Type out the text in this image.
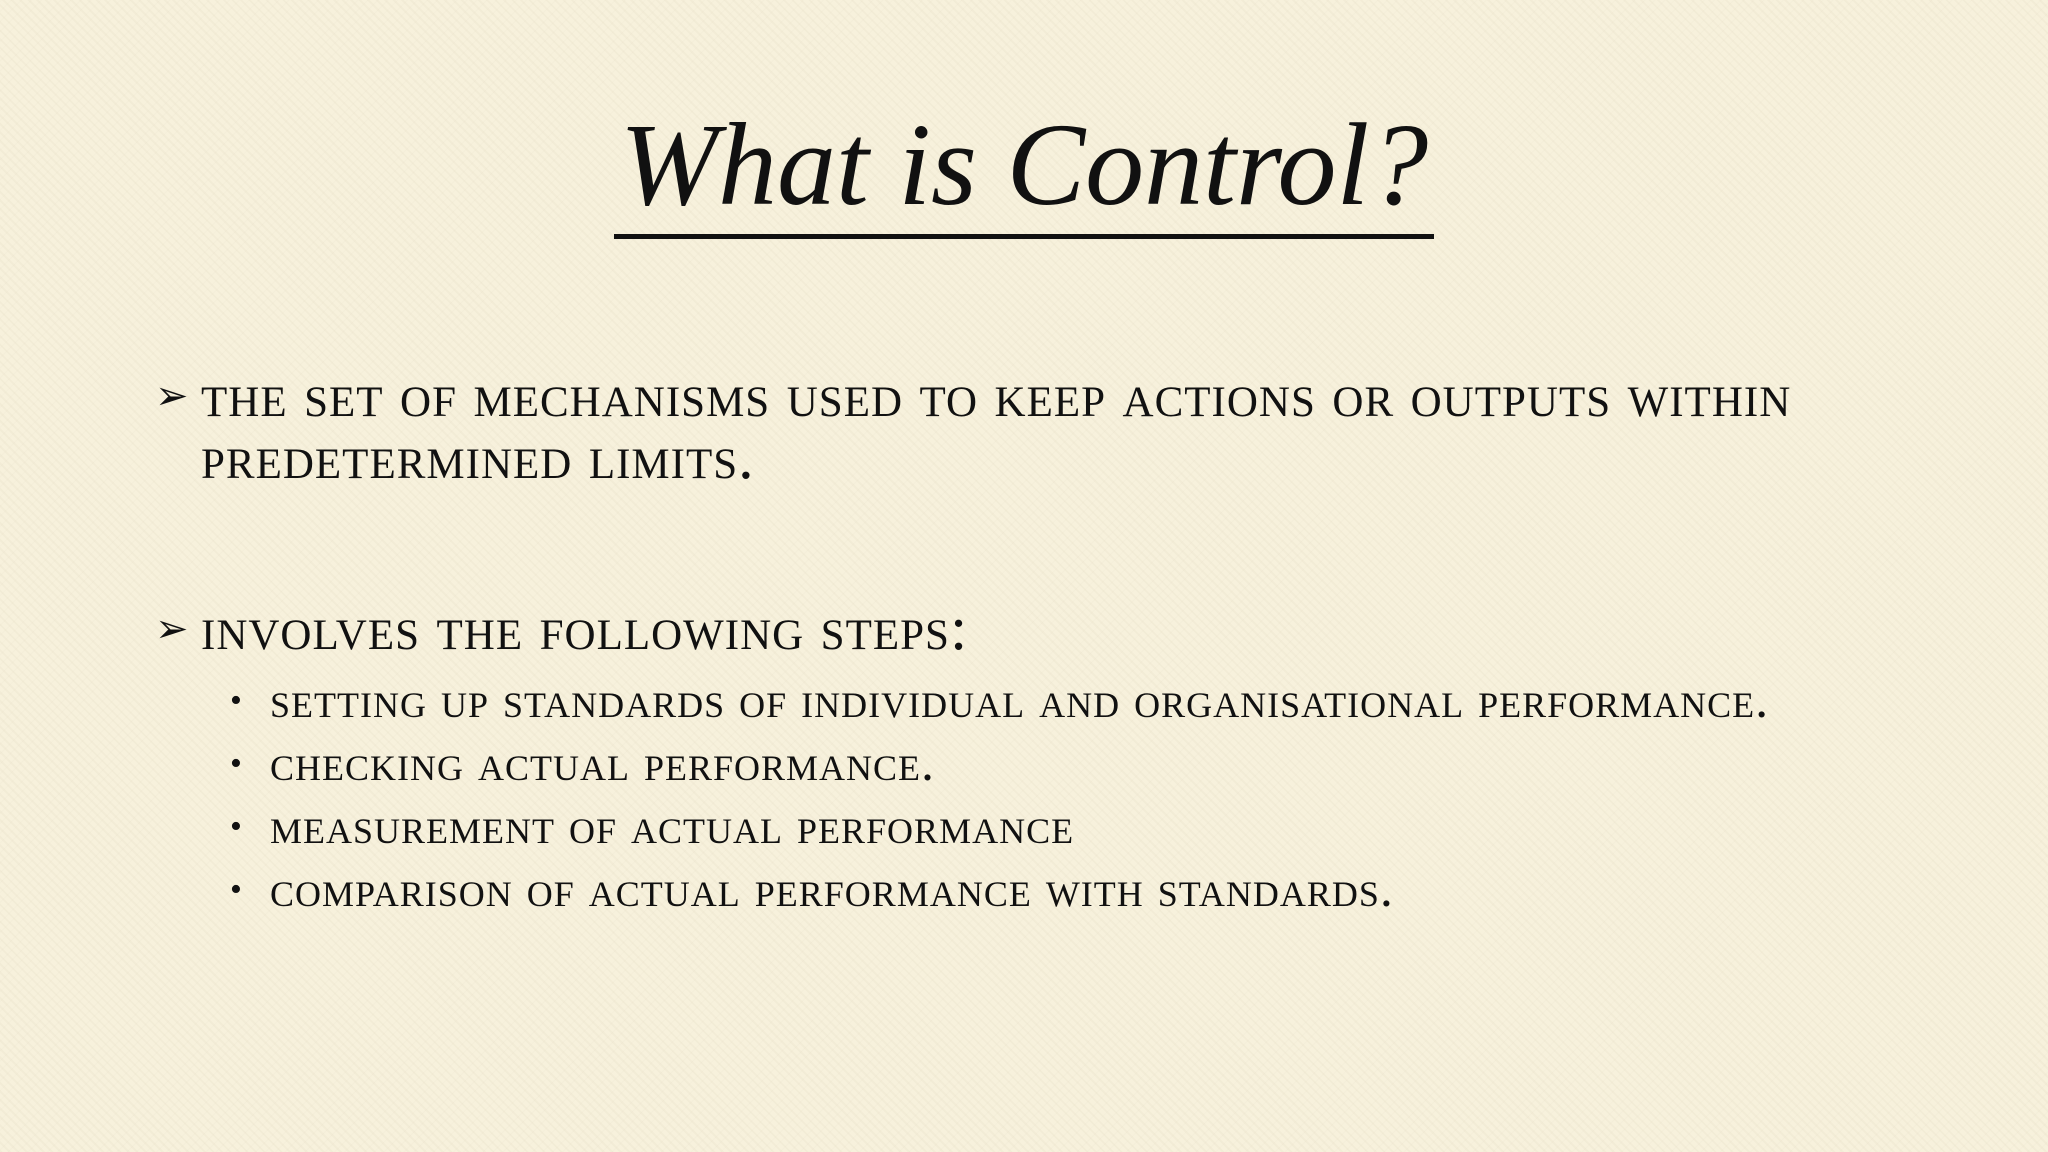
What is Control?
➢ the set of mechanisms used to keep actions or outputs within predetermined limits.
➢ involves the following steps:
• setting up standards of individual and organisational performance.
• checking actual performance.
• measurement of actual performance
• comparison of actual performance with standards.
